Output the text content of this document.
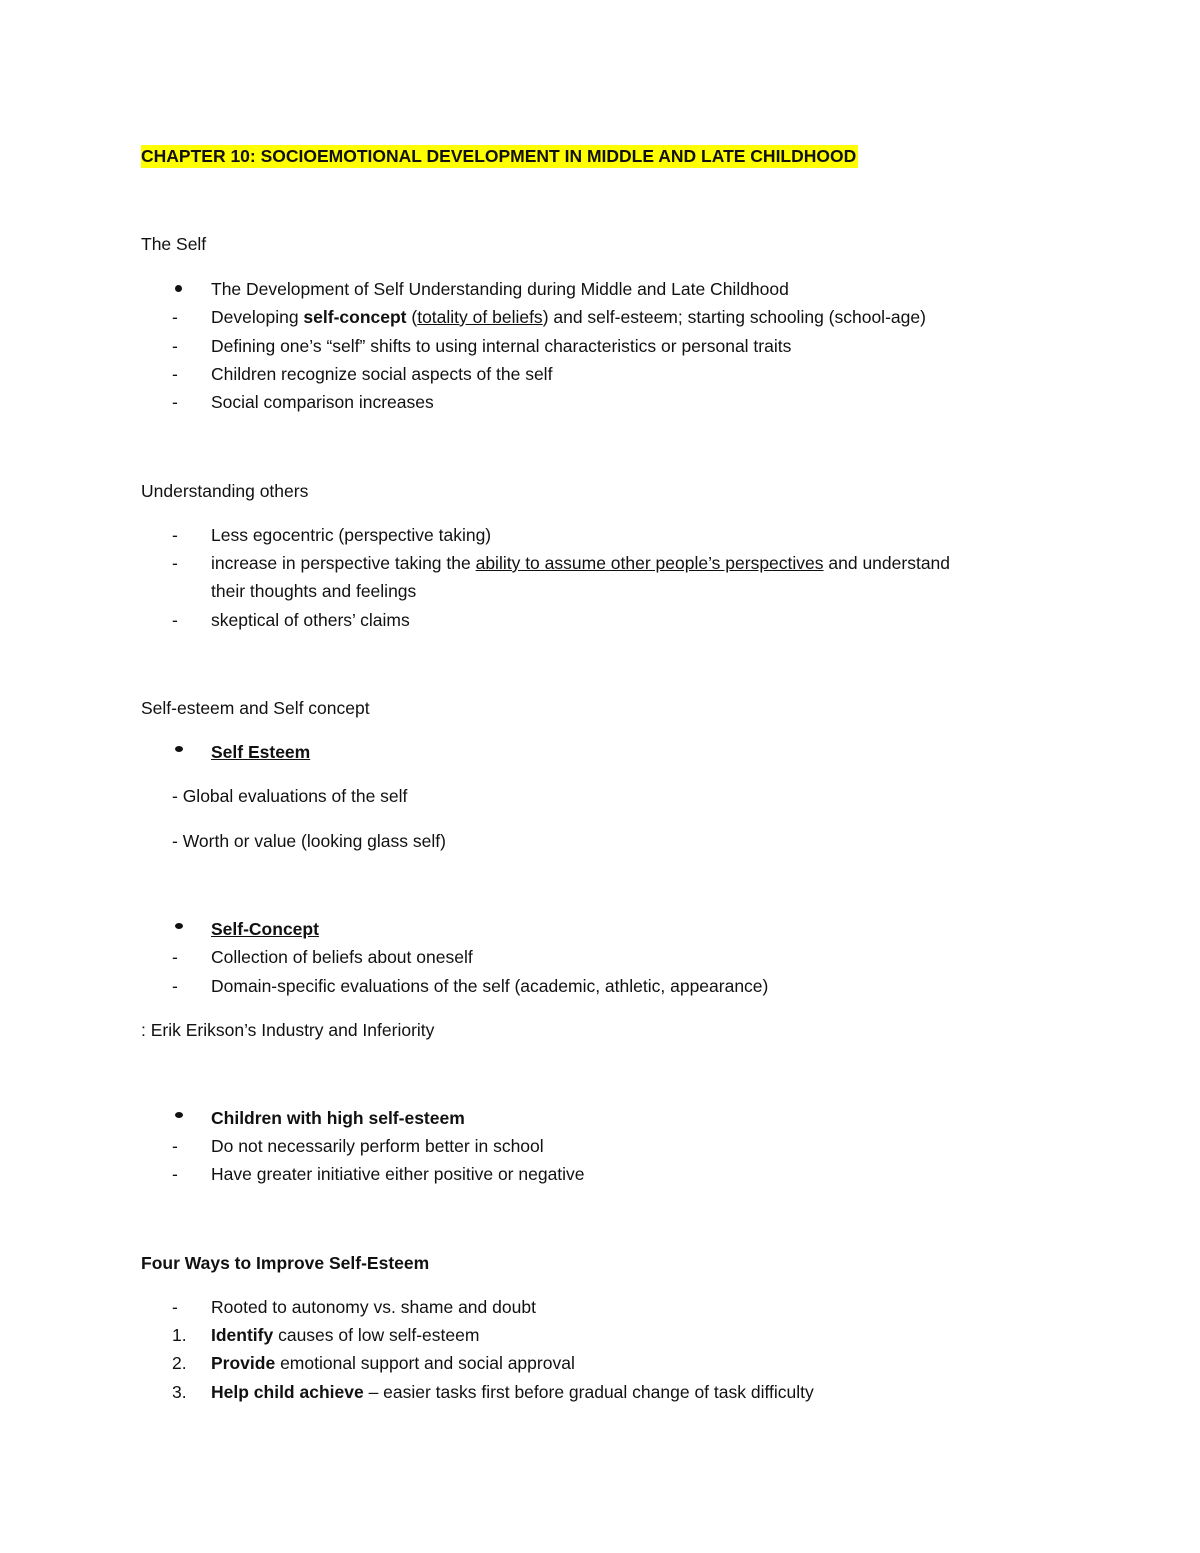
CHAPTER 10: SOCIOEMOTIONAL DEVELOPMENT IN MIDDLE AND LATE CHILDHOOD
The Self
The Development of Self Understanding during Middle and Late Childhood
-	Developing self-concept (totality of beliefs) and self-esteem; starting schooling (school-age)
-	Defining one’s “self” shifts to using internal characteristics or personal traits
-	Children recognize social aspects of the self
-	Social comparison increases
Understanding others
-	Less egocentric (perspective taking)
-	increase in perspective taking the ability to assume other people’s perspectives and understand
their thoughts and feelings
-	skeptical of others’ claims
Self-esteem and Self concept
Self Esteem
- Global evaluations of the self
- Worth or value (looking glass self)
Self-Concept
-	Collection of beliefs about oneself
-	Domain-specific evaluations of the self (academic, athletic, appearance)
: Erik Erikson’s Industry and Inferiority
Children with high self-esteem
-	Do not necessarily perform better in school
-	Have greater initiative either positive or negative
Four Ways to Improve Self-Esteem
-	Rooted to autonomy vs. shame and doubt
1.	Identify causes of low self-esteem
2.	Provide emotional support and social approval
3.	Help child achieve – easier tasks first before gradual change of task difficulty
